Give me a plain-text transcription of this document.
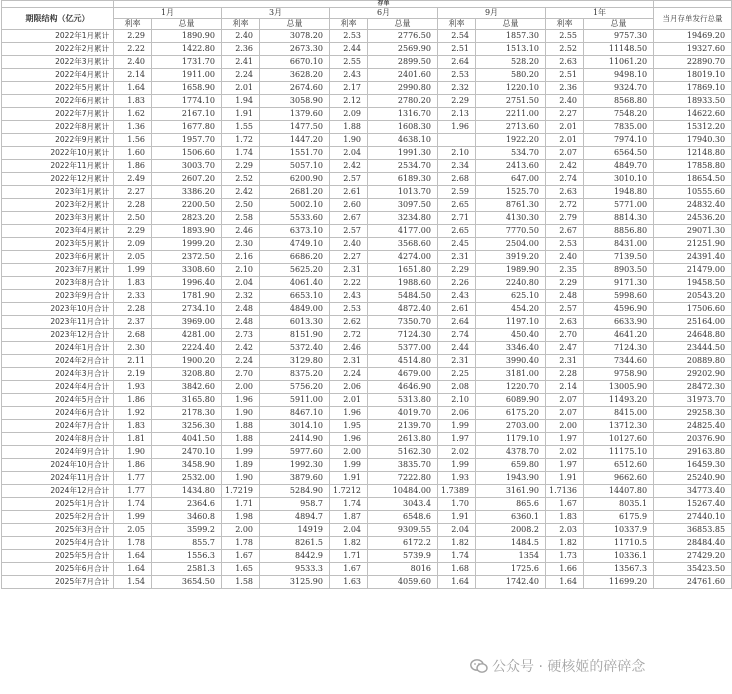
	存单										
期限结构（亿元）	1月		3月		6月		9月		1年		当月存单发行总量
	利率	总量	利率	总量	利率	总量	利率	总量	利率	总量	
2022年1月累计	2.29	1890.90	2.40	3078.20	2.53	2776.50	2.54	1857.30	2.55	9757.30	19469.20
2022年2月累计	2.22	1422.80	2.36	2673.30	2.44	2569.90	2.51	1513.10	2.52	11148.50	19327.60
2022年3月累计	2.40	1731.70	2.41	6670.10	2.55	2899.50	2.64	528.20	2.63	11061.20	22890.70
2022年4月累计	2.14	1911.00	2.24	3628.20	2.43	2401.60	2.53	580.20	2.51	9498.10	18019.10
2022年5月累计	1.64	1658.90	2.01	2674.60	2.17	2990.80	2.32	1220.10	2.36	9324.70	17869.10
2022年6月累计	1.83	1774.10	1.94	3058.90	2.12	2780.20	2.29	2751.50	2.40	8568.80	18933.50
2022年7月累计	1.62	2167.10	1.91	1379.60	2.09	1316.70	2.13	2211.00	2.27	7548.20	14622.60
2022年8月累计	1.36	1677.80	1.55	1477.50	1.88	1608.30	1.96	2713.60	2.01	7835.00	15312.20
2022年9月累计	1.56	1957.70	1.72	1447.20	1.90	4638.10		1922.20	2.01	7974.10	17940.30
2022年10月累计	1.60	1506.60	1.74	1551.70	2.04	1991.30	2.10	534.70	2.07	6564.50	12148.80
2022年11月累计	1.86	3003.70	2.29	5057.10	2.42	2534.70	2.34	2413.60	2.42	4849.70	17858.80
2022年12月累计	2.49	2607.20	2.52	6200.90	2.57	6189.30	2.68	647.00	2.74	3010.10	18654.50
2023年1月累计	2.27	3386.20	2.42	2681.20	2.61	1013.70	2.59	1525.70	2.63	1948.80	10555.60
2023年2月累计	2.28	2200.50	2.50	5002.10	2.60	3097.50	2.65	8761.30	2.72	5771.00	24832.40
2023年3月累计	2.50	2823.20	2.58	5533.60	2.67	3234.80	2.71	4130.30	2.79	8814.30	24536.20
2023年4月累计	2.29	1893.90	2.46	6373.10	2.57	4177.00	2.65	7770.50	2.67	8856.80	29071.30
2023年5月累计	2.09	1999.20	2.30	4749.10	2.40	3568.60	2.45	2504.00	2.53	8431.00	21251.90
2023年6月累计	2.05	2372.50	2.16	6686.20	2.27	4274.00	2.31	3919.20	2.40	7139.50	24391.40
2023年7月累计	1.99	3308.60	2.10	5625.20	2.31	1651.80	2.29	1989.90	2.35	8903.50	21479.00
2023年8月合计	1.83	1996.40	2.04	4061.40	2.22	1988.60	2.26	2240.80	2.29	9171.30	19458.50
2023年9月合计	2.33	1781.90	2.32	6653.10	2.43	5484.50	2.43	625.10	2.48	5998.60	20543.20
2023年10月合计	2.28	2734.10	2.48	4849.00	2.53	4872.40	2.61	454.20	2.57	4596.90	17506.60
2023年11月合计	2.37	3969.00	2.48	6013.30	2.62	7350.70	2.64	1197.10	2.63	6633.90	25164.00
2023年12月合计	2.68	4281.00	2.73	8151.90	2.72	7124.30	2.74	450.40	2.70	4641.20	24648.80
2024年1月合计	2.30	2224.40	2.42	5372.40	2.46	5377.00	2.44	3346.40	2.47	7124.30	23444.50
2024年2月合计	2.11	1900.20	2.24	3129.80	2.31	4514.80	2.31	3990.40	2.31	7344.60	20889.80
2024年3月合计	2.19	3208.80	2.70	8375.20	2.24	4679.00	2.25	3181.00	2.28	9758.90	29202.90
2024年4月合计	1.93	3842.60	2.00	5756.20	2.06	4646.90	2.08	1220.70	2.14	13005.90	28472.30
2024年5月合计	1.86	3165.80	1.96	5911.00	2.01	5313.80	2.10	6089.90	2.07	11493.20	31973.70
2024年6月合计	1.92	2178.30	1.90	8467.10	1.96	4019.70	2.06	6175.20	2.07	8415.00	29258.30
2024年7月合计	1.83	3256.30	1.88	3014.10	1.95	2139.70	1.99	2703.00	2.00	13712.30	24825.40
2024年8月合计	1.81	4041.50	1.88	2414.90	1.96	2613.80	1.97	1179.10	1.97	10127.60	20376.90
2024年9月合计	1.90	2470.10	1.99	5977.60	2.00	5162.30	2.02	4378.70	2.02	11175.10	29163.80
2024年10月合计	1.86	3458.90	1.89	1992.30	1.99	3835.70	1.99	659.80	1.97	6512.60	16459.30
2024年11月合计	1.77	2532.00	1.90	3879.60	1.91	7222.80	1.93	1943.90	1.91	9662.60	25240.90
2024年12月合计	1.77	1434.80	1.7219	5284.90	1.7212	10484.00	1.7389	3161.90	1.7136	14407.80	34773.40
2025年1月合计	1.74	2364.6	1.71	958.7	1.74	3043.4	1.70	865.6	1.67	8035.1	15267.40
2025年2月合计	1.99	3460.8	1.98	4894.7	1.87	6548.6	1.91	6360.1	1.83	6175.9	27440.10
2025年3月合计	2.05	3599.2	2.00	14919	2.04	9309.55	2.04	2008.2	2.03	10337.9	36853.85
2025年4月合计	1.78	855.7	1.78	8261.5	1.82	6172.2	1.82	1484.5	1.82	11710.5	28484.40
2025年5月合计	1.64	1556.3	1.67	8442.9	1.71	5739.9	1.74	1354	1.73	10336.1	27429.20
2025年6月合计	1.64	2581.3	1.65	9533.3	1.67	8016	1.68	1725.6	1.66	13567.3	35423.50
2025年7月合计	1.54	3654.50	1.58	3125.90	1.63	4059.60	1.64	1742.40	1.64	11699.20	24761.60
公众号 · 硬核姬的碎碎念
